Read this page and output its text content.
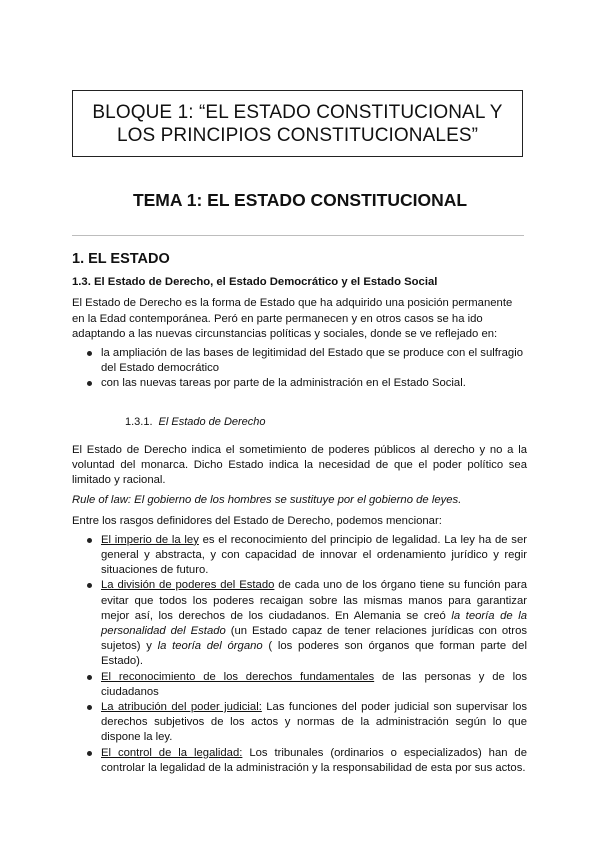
BLOQUE 1: “EL ESTADO CONSTITUCIONAL Y
LOS PRINCIPIOS CONSTITUCIONALES”
TEMA 1: EL ESTADO CONSTITUCIONAL

1. EL ESTADO

1.3. El Estado de Derecho, el Estado Democrático y el Estado Social

El Estado de Derecho es la forma de Estado que ha adquirido una posición permanente en la Edad contemporánea. Peró en parte permanecen y en otros casos se ha ido adaptando a las nuevas circunstancias políticas y sociales, donde se ve reflejado en:

la ampliación de las bases de legitimidad del Estado que se produce con el sulfragio del Estado democrático
con las nuevas tareas por parte de la administración en el Estado Social.

1.3.1. El Estado de Derecho

El Estado de Derecho indica el sometimiento de poderes públicos al derecho y no a la voluntad del monarca. Dicho Estado indica la necesidad de que el poder político sea limitado y racional.

Rule of law: El gobierno de los hombres se sustituye por el gobierno de leyes.

Entre los rasgos definidores del Estado de Derecho, podemos mencionar:

El imperio de la ley es el reconocimiento del principio de legalidad. La ley ha de ser general y abstracta, y con capacidad de innovar el ordenamiento jurídico y regir situaciones de futuro.
La división de poderes del Estado de cada uno de los órgano tiene su función para evitar que todos los poderes recaigan sobre las mismas manos para garantizar mejor así, los derechos de los ciudadanos. En Alemania se creó la teoría de la personalidad del Estado (un Estado capaz de tener relaciones jurídicas con otros sujetos) y la teoría del órgano ( los poderes son órganos que forman parte del Estado).
El reconocimiento de los derechos fundamentales de las personas y de los ciudadanos
La atribución del poder judicial: Las funciones del poder judicial son supervisar los derechos subjetivos de los actos y normas de la administración según lo que dispone la ley.
El control de la legalidad: Los tribunales (ordinarios o especializados) han de controlar la legalidad de la administración y la responsabilidad de esta por sus actos.
